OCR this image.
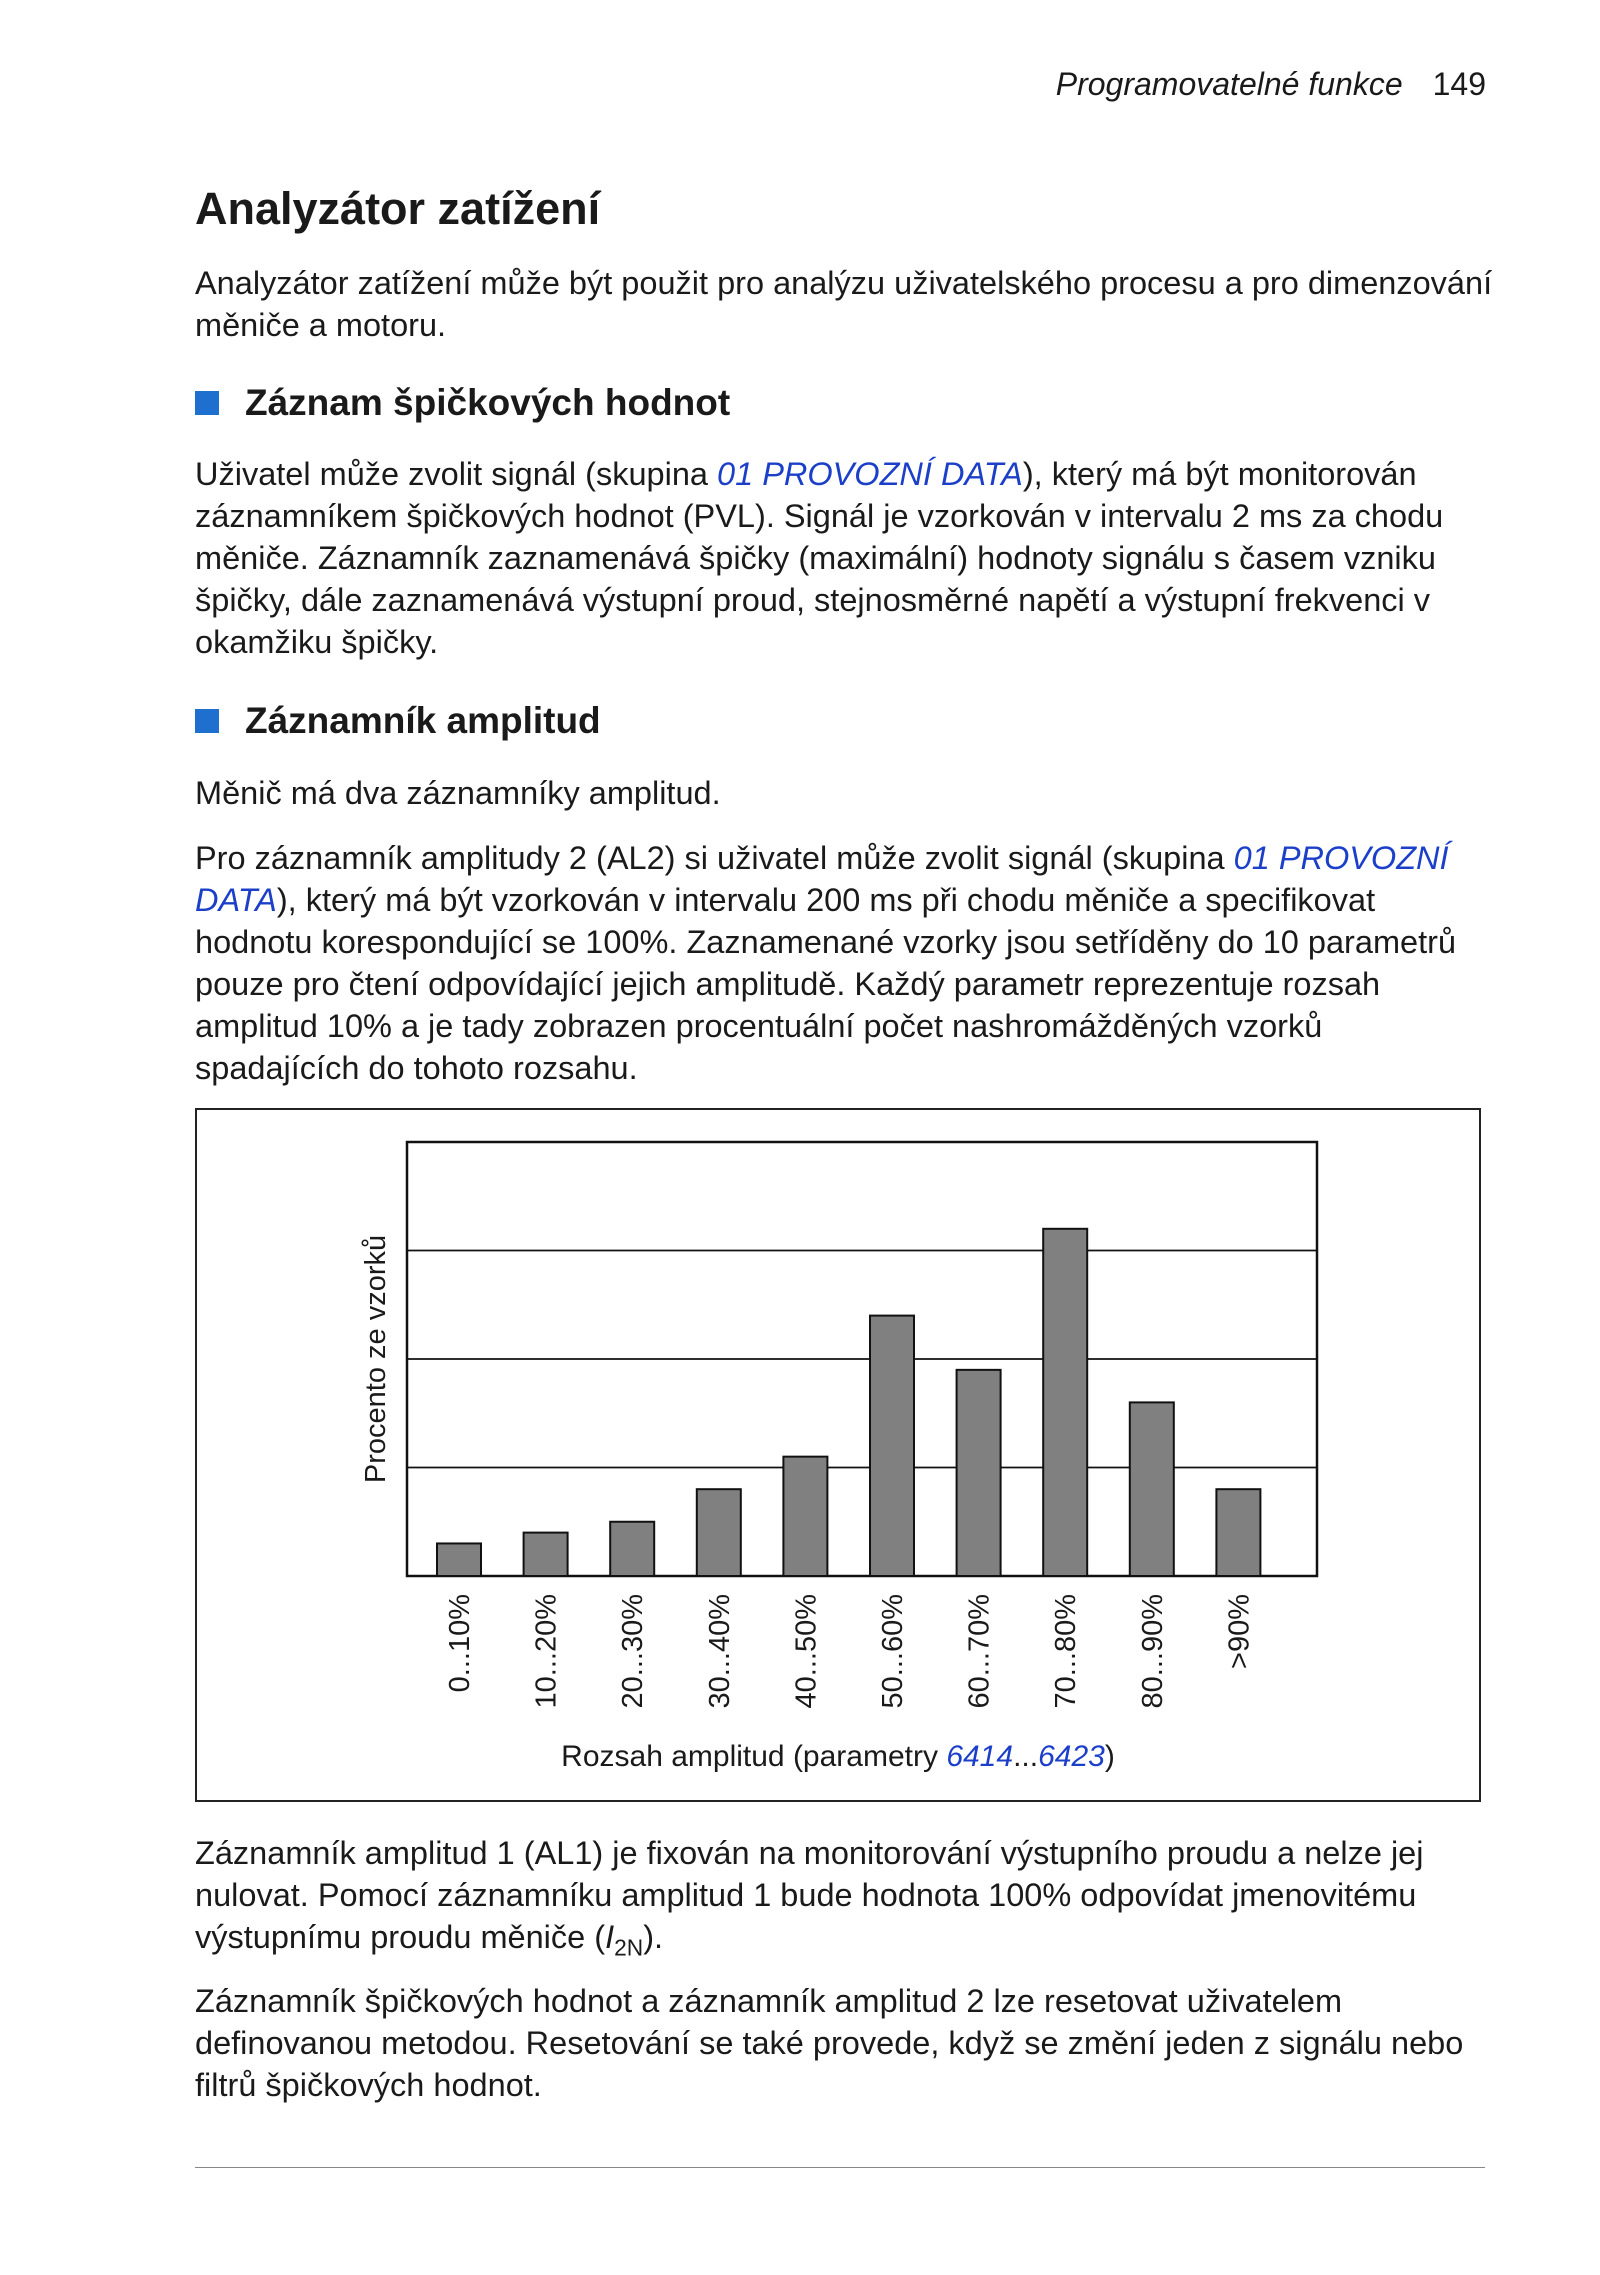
Programovatelné funkce 149
Analyzátor zatížení

Analyzátor zatížení může být použit pro analýzu uživatelského procesu a pro dimenzování měniče a motoru.

Záznam špičkových hodnot

Uživatel může zvolit signál (skupina 01 PROVOZNÍ DATA), který má být monitorován záznamníkem špičkových hodnot (PVL). Signál je vzorkován v intervalu 2 ms za chodu měniče. Záznamník zaznamenává špičky (maximální) hodnoty signálu s časem vzniku špičky, dále zaznamenává výstupní proud, stejnosměrné napětí a výstupní frekvenci v okamžiku špičky.

Záznamník amplitud

Měnič má dva záznamníky amplitud.

Pro záznamník amplitudy 2 (AL2) si uživatel může zvolit signál (skupina 01 PROVOZNÍ DATA), který má být vzorkován v intervalu 200 ms při chodu měniče a specifikovat hodnotu korespondující se 100%. Zaznamenané vzorky jsou setříděny do 10 parametrů pouze pro čtení odpovídající jejich amplitudě. Každý parametr reprezentuje rozsah amplitud 10% a je tady zobrazen procentuální počet nashromážděných vzorků spadajících do tohoto rozsahu.

0...10% 10...20% 20...30% 30...40% 40...50% 50...60% 60...70% 70...80% 80...90% >90%
Procento ze vzorků
Rozsah amplitud (parametry 6414...6423)

Záznamník amplitud 1 (AL1) je fixován na monitorování výstupního proudu a nelze jej nulovat. Pomocí záznamníku amplitud 1 bude hodnota 100% odpovídat jmenovitému výstupnímu proudu měniče $(I_{2N})$.

Záznamník špičkových hodnot a záznamník amplitud 2 lze resetovat uživatelem definovanou metodou. Resetování se také provede, když se změní jeden z signálu nebo filtrů špičkových hodnot.
